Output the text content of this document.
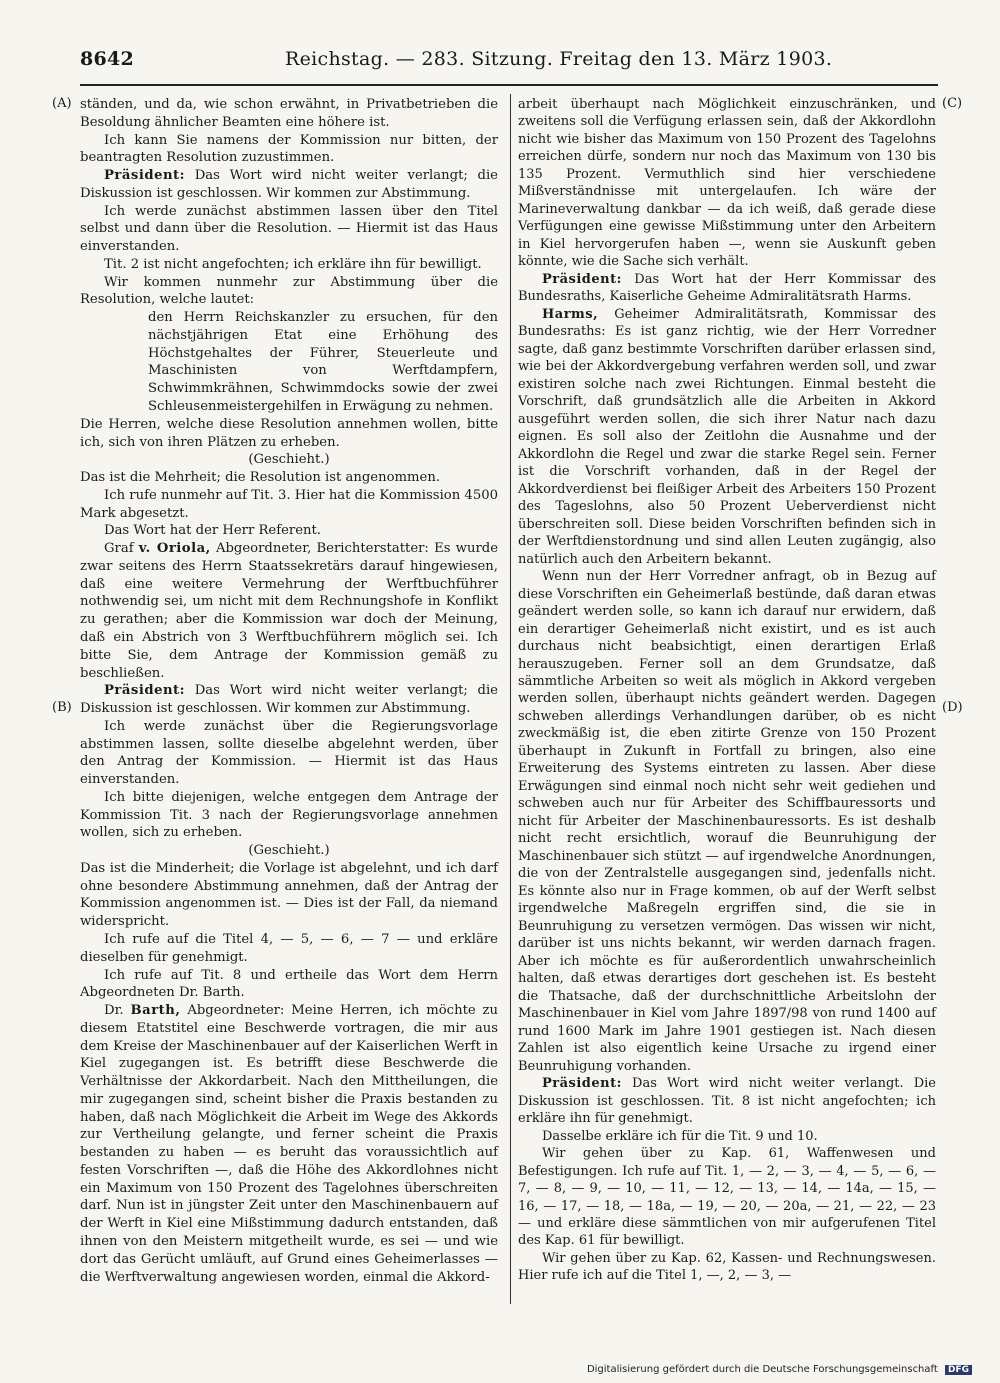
8642	Reichstag. — 283. Sitzung. Freitag den 13. März 1903.
(A)
(B)
(C)
(D)

ständen, und da, wie schon erwähnt, in Privatbetrieben die Besoldung ähnlicher Beamten eine höhere ist.

Ich kann Sie namens der Kommission nur bitten, der beantragten Resolution zuzustimmen.

Präsident: Das Wort wird nicht weiter verlangt; die Diskussion ist geschlossen. Wir kommen zur Abstimmung.

Ich werde zunächst abstimmen lassen über den Titel selbst und dann über die Resolution. — Hiermit ist das Haus einverstanden.

Tit. 2 ist nicht angefochten; ich erkläre ihn für bewilligt.

Wir kommen nunmehr zur Abstimmung über die Resolution, welche lautet:

den Herrn Reichskanzler zu ersuchen, für den nächstjährigen Etat eine Erhöhung des Höchstgehaltes der Führer, Steuerleute und Maschinisten von Werftdampfern, Schwimmkrähnen, Schwimmdocks sowie der zwei Schleusenmeistergehilfen in Erwägung zu nehmen.

Die Herren, welche diese Resolution annehmen wollen, bitte ich, sich von ihren Plätzen zu erheben.

(Geschieht.)

Das ist die Mehrheit; die Resolution ist angenommen.

Ich rufe nunmehr auf Tit. 3. Hier hat die Kommission 4500 Mark abgesetzt.

Das Wort hat der Herr Referent.

Graf v. Oriola, Abgeordneter, Berichterstatter: Es wurde zwar seitens des Herrn Staatssekretärs darauf hingewiesen, daß eine weitere Vermehrung der Werftbuchführer nothwendig sei, um nicht mit dem Rechnungshofe in Konflikt zu gerathen; aber die Kommission war doch der Meinung, daß ein Abstrich von 3 Werftbuchführern möglich sei. Ich bitte Sie, dem Antrage der Kommission gemäß zu beschließen.

Präsident: Das Wort wird nicht weiter verlangt; die Diskussion ist geschlossen. Wir kommen zur Abstimmung.

Ich werde zunächst über die Regierungsvorlage abstimmen lassen, sollte dieselbe abgelehnt werden, über den Antrag der Kommission. — Hiermit ist das Haus einverstanden.

Ich bitte diejenigen, welche entgegen dem Antrage der Kommission Tit. 3 nach der Regierungsvorlage annehmen wollen, sich zu erheben.

(Geschieht.)

Das ist die Minderheit; die Vorlage ist abgelehnt, und ich darf ohne besondere Abstimmung annehmen, daß der Antrag der Kommission angenommen ist. — Dies ist der Fall, da niemand widerspricht.

Ich rufe auf die Titel 4, — 5, — 6, — 7 — und erkläre dieselben für genehmigt.

Ich rufe auf Tit. 8 und ertheile das Wort dem Herrn Abgeordneten Dr. Barth.

Dr. Barth, Abgeordneter: Meine Herren, ich möchte zu diesem Etatstitel eine Beschwerde vortragen, die mir aus dem Kreise der Maschinenbauer auf der Kaiserlichen Werft in Kiel zugegangen ist. Es betrifft diese Beschwerde die Verhältnisse der Akkordarbeit. Nach den Mittheilungen, die mir zugegangen sind, scheint bisher die Praxis bestanden zu haben, daß nach Möglichkeit die Arbeit im Wege des Akkords zur Vertheilung gelangte, und ferner scheint die Praxis bestanden zu haben — es beruht das voraussichtlich auf festen Vorschriften —, daß die Höhe des Akkordlohnes nicht ein Maximum von 150 Prozent des Tagelohnes überschreiten darf. Nun ist in jüngster Zeit unter den Maschinenbauern auf der Werft in Kiel eine Mißstimmung dadurch entstanden, daß ihnen von den Meistern mitgetheilt wurde, es sei — und wie dort das Gerücht umläuft, auf Grund eines Geheimerlasses — die Werftverwaltung angewiesen worden, einmal die Akkord-

arbeit überhaupt nach Möglichkeit einzuschränken, und zweitens soll die Verfügung erlassen sein, daß der Akkordlohn nicht wie bisher das Maximum von 150 Prozent des Tagelohns erreichen dürfe, sondern nur noch das Maximum von 130 bis 135 Prozent. Vermuthlich sind hier verschiedene Mißverständnisse mit untergelaufen. Ich wäre der Marineverwaltung dankbar — da ich weiß, daß gerade diese Verfügungen eine gewisse Mißstimmung unter den Arbeitern in Kiel hervorgerufen haben —, wenn sie Auskunft geben könnte, wie die Sache sich verhält.

Präsident: Das Wort hat der Herr Kommissar des Bundesraths, Kaiserliche Geheime Admiralitätsrath Harms.

Harms, Geheimer Admiralitätsrath, Kommissar des Bundesraths: Es ist ganz richtig, wie der Herr Vorredner sagte, daß ganz bestimmte Vorschriften darüber erlassen sind, wie bei der Akkordvergebung verfahren werden soll, und zwar existiren solche nach zwei Richtungen. Einmal besteht die Vorschrift, daß grundsätzlich alle die Arbeiten in Akkord ausgeführt werden sollen, die sich ihrer Natur nach dazu eignen. Es soll also der Zeitlohn die Ausnahme und der Akkordlohn die Regel und zwar die starke Regel sein. Ferner ist die Vorschrift vorhanden, daß in der Regel der Akkordverdienst bei fleißiger Arbeit des Arbeiters 150 Prozent des Tageslohns, also 50 Prozent Ueberverdienst nicht überschreiten soll. Diese beiden Vorschriften befinden sich in der Werftdienstordnung und sind allen Leuten zugängig, also natürlich auch den Arbeitern bekannt.

Wenn nun der Herr Vorredner anfragt, ob in Bezug auf diese Vorschriften ein Geheimerlaß bestünde, daß daran etwas geändert werden solle, so kann ich darauf nur erwidern, daß ein derartiger Geheimerlaß nicht existirt, und es ist auch durchaus nicht beabsichtigt, einen derartigen Erlaß herauszugeben. Ferner soll an dem Grundsatze, daß sämmtliche Arbeiten so weit als möglich in Akkord vergeben werden sollen, überhaupt nichts geändert werden. Dagegen schweben allerdings Verhandlungen darüber, ob es nicht zweckmäßig ist, die eben zitirte Grenze von 150 Prozent überhaupt in Zukunft in Fortfall zu bringen, also eine Erweiterung des Systems eintreten zu lassen. Aber diese Erwägungen sind einmal noch nicht sehr weit gediehen und schweben auch nur für Arbeiter des Schiffbauressorts und nicht für Arbeiter der Maschinenbauressorts. Es ist deshalb nicht recht ersichtlich, worauf die Beunruhigung der Maschinenbauer sich stützt — auf irgendwelche Anordnungen, die von der Zentralstelle ausgegangen sind, jedenfalls nicht. Es könnte also nur in Frage kommen, ob auf der Werft selbst irgendwelche Maßregeln ergriffen sind, die sie in Beunruhigung zu versetzen vermögen. Das wissen wir nicht, darüber ist uns nichts bekannt, wir werden darnach fragen. Aber ich möchte es für außerordentlich unwahrscheinlich halten, daß etwas derartiges dort geschehen ist. Es besteht die Thatsache, daß der durchschnittliche Arbeitslohn der Maschinenbauer in Kiel vom Jahre 1897/98 von rund 1400 auf rund 1600 Mark im Jahre 1901 gestiegen ist. Nach diesen Zahlen ist also eigentlich keine Ursache zu irgend einer Beunruhigung vorhanden.

Präsident: Das Wort wird nicht weiter verlangt. Die Diskussion ist geschlossen. Tit. 8 ist nicht angefochten; ich erkläre ihn für genehmigt.

Dasselbe erkläre ich für die Tit. 9 und 10.

Wir gehen über zu Kap. 61, Waffenwesen und Befestigungen. Ich rufe auf Tit. 1, — 2, — 3, — 4, — 5, — 6, — 7, — 8, — 9, — 10, — 11, — 12, — 13, — 14, — 14a, — 15, — 16, — 17, — 18, — 18a, — 19, — 20, — 20a, — 21, — 22, — 23 — und erkläre diese sämmtlichen von mir aufgerufenen Titel des Kap. 61 für bewilligt.

Wir gehen über zu Kap. 62, Kassen- und Rechnungswesen. Hier rufe ich auf die Titel 1, —, 2, — 3, —

Digitalisierung gefördert durch die Deutsche Forschungsgemeinschaft DFG
